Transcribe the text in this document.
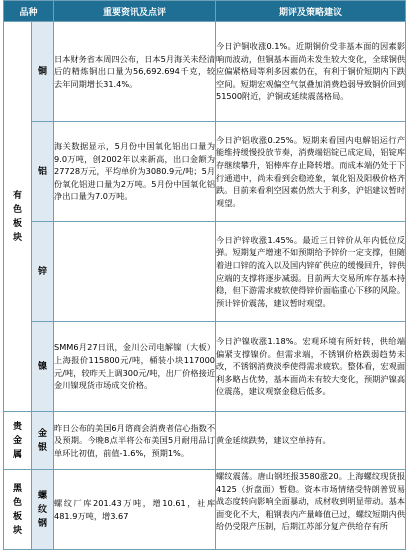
品种		重要资讯及点评	期评及策略建议
有色板块	铜	日本财务省本周四公布，日本5月海关未经清后的精炼铜出口量为56,692.694千克，较去年同期增长31.4%。	今日沪铜收涨0.1%。近期铜价受非基本面的因素影响而波动，但铜基本面尚未发生较大变化，全球铜供应偏紧格局等利多因素仍在，有利于铜价短期内下跌空间。短期宏观偏空气氛叠加消费趋弱导致铜价回到51500附近，沪铜或延续震荡格局。

	铝	海关数据显示，5月份中国氧化铝出口量为9.0万吨，创2002年以来新高，出口金额为27728万元，平均单价为3080.9元/吨；5月份氧化铝进口量为2万吨。5月份中国氧化铝净出口量为7.0万吨。	今日沪铝收涨0.25%。短期来看国内电解铝运行产能维持缓慢投放节奏，消费端铝锭已成定局，铝锭库存继续攀升，铝棒库存止降转增。而成本端仍处于下行通道中，尚未看到会稳迹象，氧化铝及阳极价格齐跌。目前来看利空因素仍然大于利多，沪铝建议暂时观望。

	锌		今日沪锌收涨1.45%。最近三日锌价从年内低位反弹。短期复产增速不如预期给予锌价一定支撑，但随着进口锌的流入以及国内锌矿供应的缓慢回升，锌供应端的支撑将逐步减弱。目前两大交易所库存基本持稳，但下游需求疲软使得锌价面临重心下移的风险。预计锌价震荡，建议暂时观望。

	镍	SMM6月27日讯，金川公司电解镍（大板）上海报价115800元/吨，桶装小块117000元/吨，较昨天上调300元/吨，出厂价格接近金川镍现货市场成交价格。	今日沪镍收涨1.18%。宏观环境有所好转，供给端偏紧支撑镍价。但需求端，不锈钢价格跌弱趋势未改，不锈钢消费淡季使得需求疲软。整体看，宏观面利多略占优势，基本面尚未有较大变化，预期沪镍高位震荡，建议观察金稳后低多。

贵金属	金银	昨日公布的美国6月谘商会消费者信心指数不及预期。今晚8点半将公布美国5月耐用品订单环比初值，前值-1.6%，预期1%。	黄金延续跌势，建议空单持有。

黑色板块	螺纹钢	螺纹厂库201.43万吨，增10.61，社库481.9万吨，增3.67	螺纹震荡。唐山钢坯报3580涨20。上海螺纹现货报4125（折盘面）暂稳。资本市场情绪受特朗普贸易战态度转向影响全面暴动，成材收到明显带动。基本面变化不大，粗钢表内产量峰值已过，螺纹短期内供给仍受限产压制，后期江苏部分复产供给存有所
